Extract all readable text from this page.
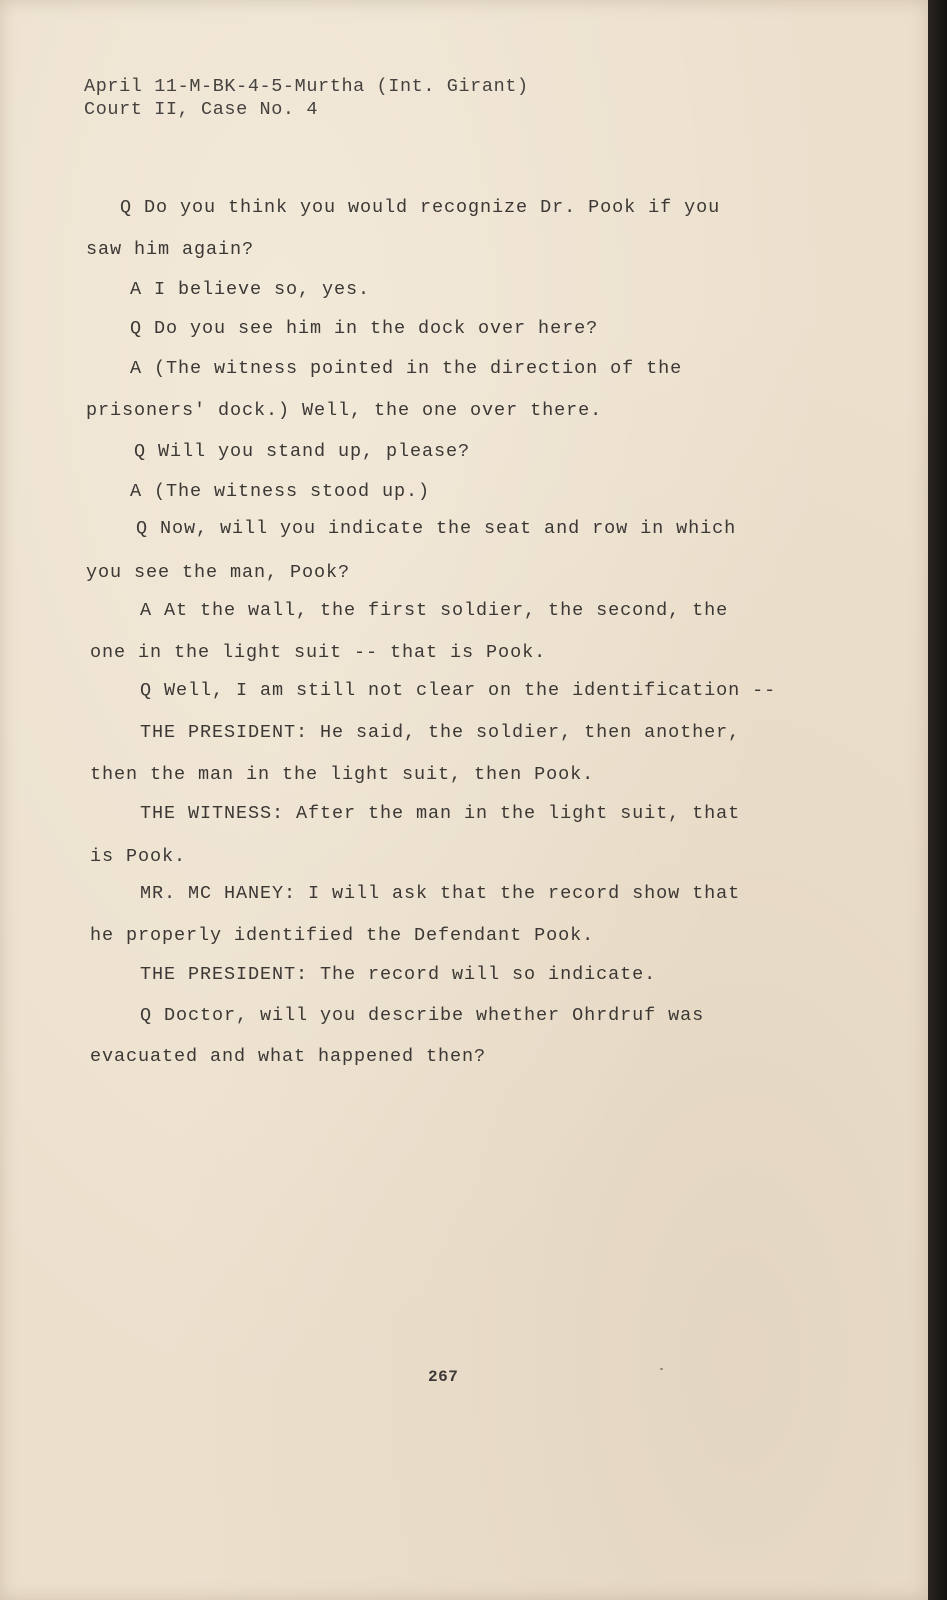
April 11-M-BK-4-5-Murtha (Int. Girant)
Court II, Case No. 4
Q Do you think you would recognize Dr. Pook if you
saw him again?
A I believe so, yes.
Q Do you see him in the dock over here?
A (The witness pointed in the direction of the
prisoners' dock.) Well, the one over there.
Q Will you stand up, please?
A (The witness stood up.)
Q Now, will you indicate the seat and row in which
you see the man, Pook?
A At the wall, the first soldier, the second, the
one in the light suit -- that is Pook.
Q Well, I am still not clear on the identification --
THE PRESIDENT: He said, the soldier, then another,
then the man in the light suit, then Pook.
THE WITNESS: After the man in the light suit, that
is Pook.
MR. MC HANEY: I will ask that the record show that
he properly identified the Defendant Pook.
THE PRESIDENT: The record will so indicate.
Q Doctor, will you describe whether Ohrdruf was
evacuated and what happened then?
267
